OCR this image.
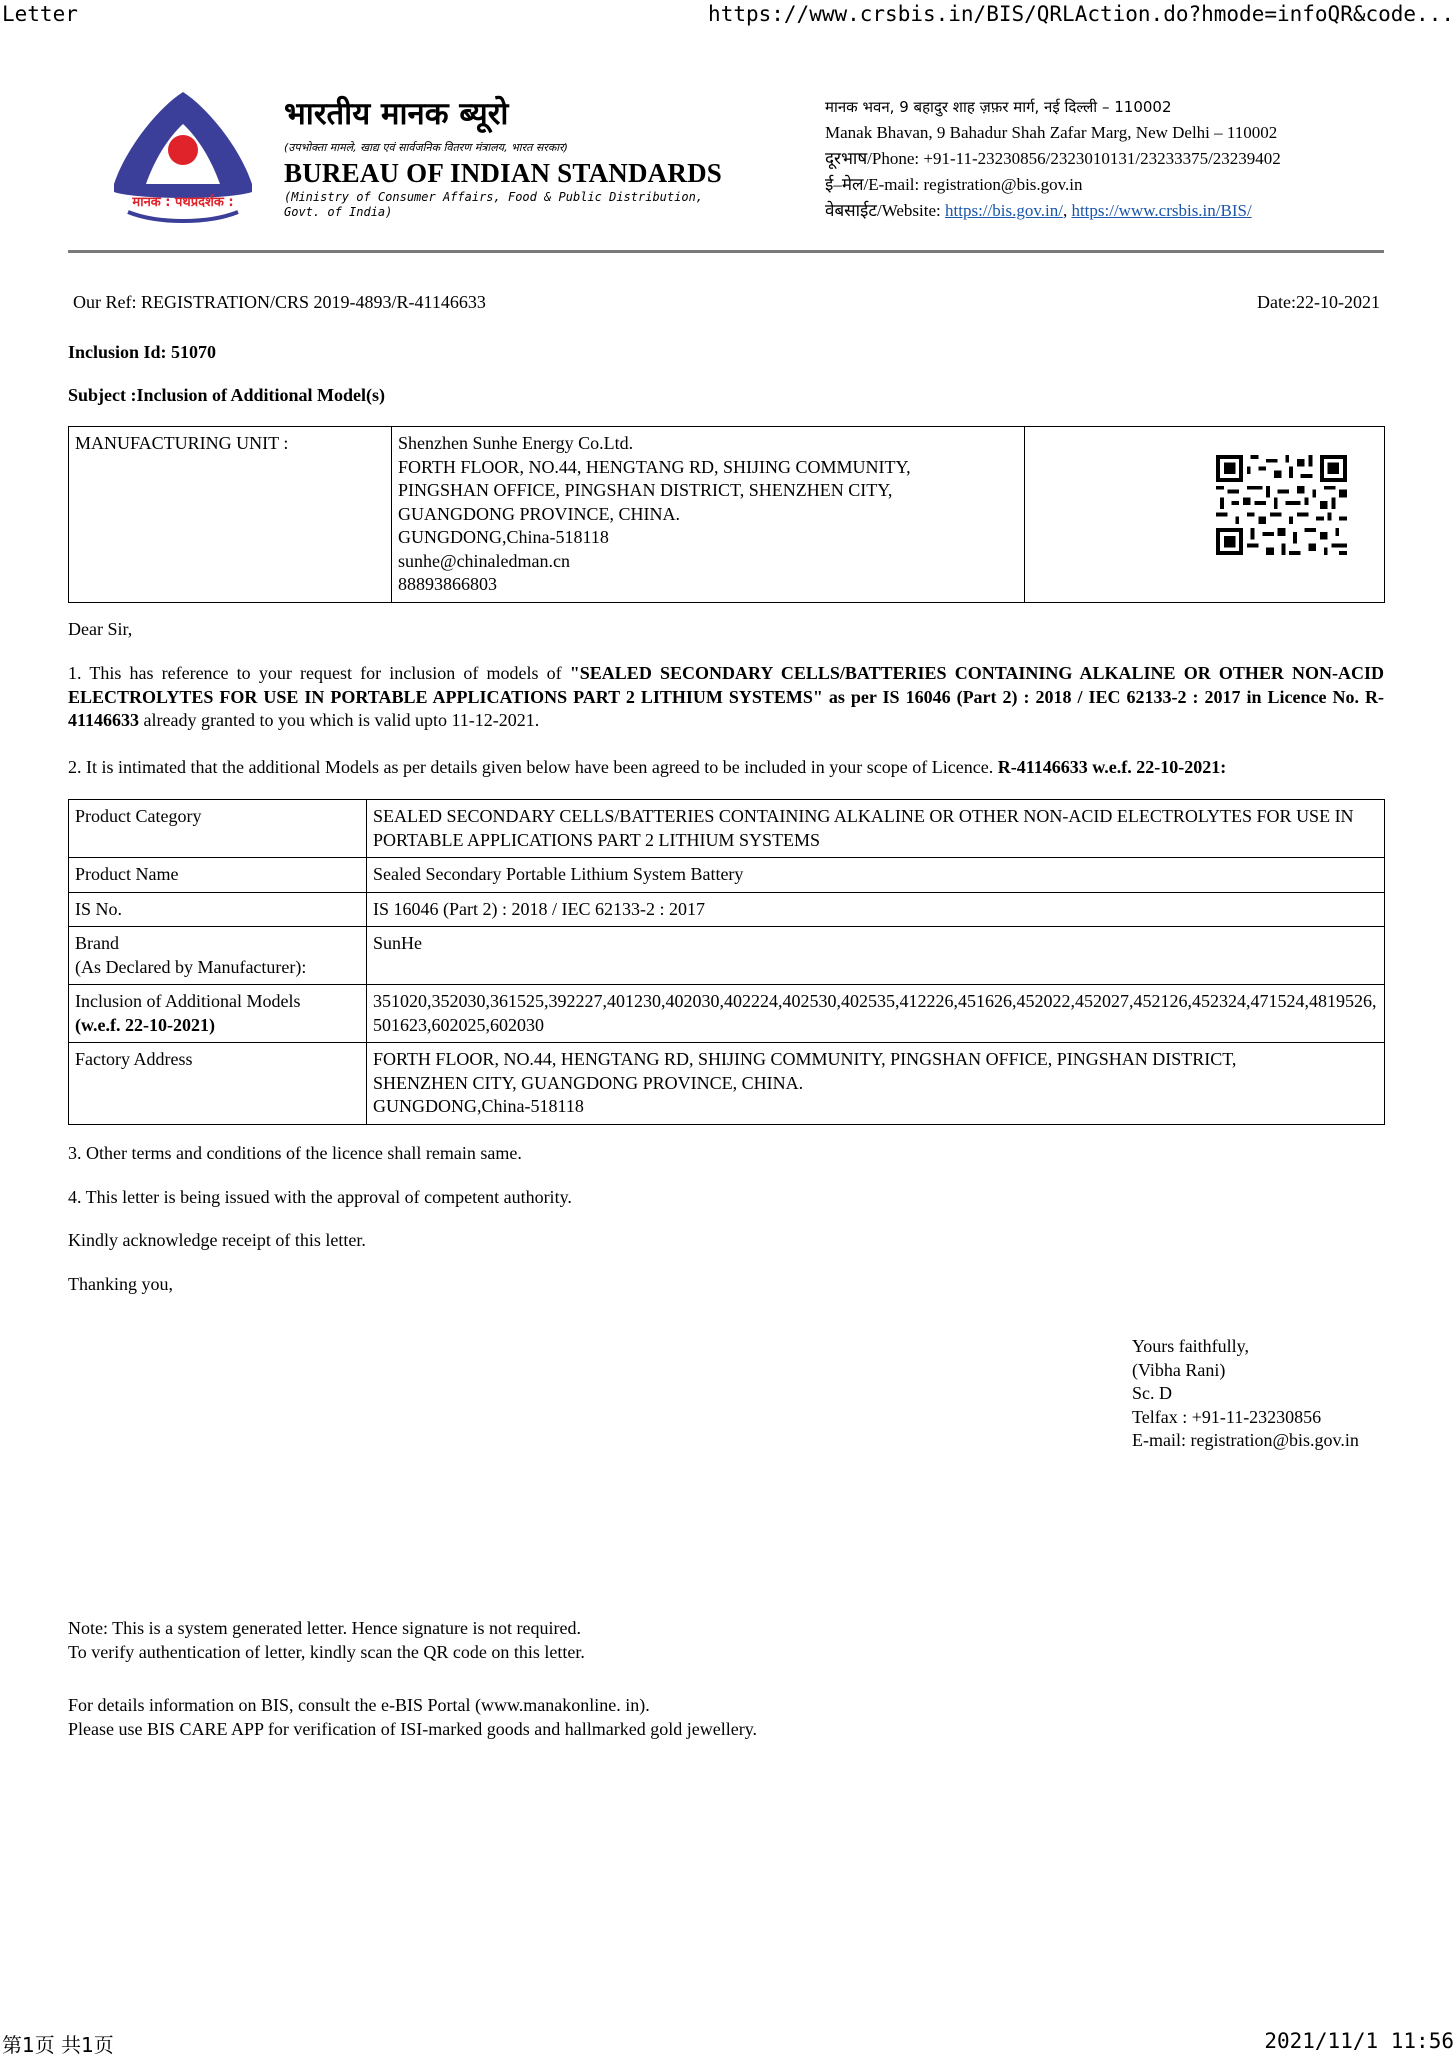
Letter	https://www.crsbis.in/BIS/QRLAction.do?hmode=infoQR&code...
मानक : पथप्रदर्शक :
भारतीय मानक ब्यूरो
(उपभोक्ता मामले, खाद्य एवं सार्वजनिक वितरण मंत्रालय, भारत सरकार)
BUREAU OF INDIAN STANDARDS
(Ministry of Consumer Affairs, Food & Public Distribution,
Govt. of India)
मानक भवन, 9 बहादुर शाह ज़फ़र मार्ग, नई दिल्ली – 110002
Manak Bhavan, 9 Bahadur Shah Zafar Marg, New Delhi – 110002
दूरभाष/Phone: +91-11-23230856/2323010131/23233375/23239402
ई–मेल/E-mail: registration@bis.gov.in
वेबसाईट/Website: https://bis.gov.in/, https://www.crsbis.in/BIS/
Our Ref: REGISTRATION/CRS 2019-4893/R-41146633	Date:22-10-2021
Inclusion Id: 51070
Subject :Inclusion of Additional Model(s)
MANUFACTURING UNIT :	Shenzhen Sunhe Energy Co.Ltd.
FORTH FLOOR, NO.44, HENGTANG RD, SHIJING COMMUNITY,
PINGSHAN OFFICE, PINGSHAN DISTRICT, SHENZHEN CITY,
GUANGDONG PROVINCE, CHINA.
GUNGDONG,China-518118
sunhe@chinaledman.cn
88893866803

Dear Sir,
1. This has reference to your request for inclusion of models of "SEALED SECONDARY CELLS/BATTERIES CONTAINING ALKALINE OR OTHER NON-ACID ELECTROLYTES FOR USE IN PORTABLE APPLICATIONS PART 2 LITHIUM SYSTEMS" as per IS 16046 (Part 2) : 2018 / IEC 62133-2 : 2017 in Licence No. R-41146633 already granted to you which is valid upto 11-12-2021.
2. It is intimated that the additional Models as per details given below have been agreed to be included in your scope of Licence. R-41146633 w.e.f. 22-10-2021:
Product Category	SEALED SECONDARY CELLS/BATTERIES CONTAINING ALKALINE OR OTHER NON-ACID ELECTROLYTES FOR USE IN PORTABLE APPLICATIONS PART 2 LITHIUM SYSTEMS
Product Name	Sealed Secondary Portable Lithium System Battery
IS No.	IS 16046 (Part 2) : 2018 / IEC 62133-2 : 2017

Brand
(As Declared by Manufacturer):	SunHe

Inclusion of Additional Models
(w.e.f. 22-10-2021)	351020,352030,361525,392227,401230,402030,402224,402530,402535,412226,451626,452022,452027,452126,452324,471524,4819526,501623,602025,602030
Factory Address	FORTH FLOOR, NO.44, HENGTANG RD, SHIJING COMMUNITY, PINGSHAN OFFICE, PINGSHAN DISTRICT,
SHENZHEN CITY, GUANGDONG PROVINCE, CHINA.
GUNGDONG,China-518118
3. Other terms and conditions of the licence shall remain same.
4. This letter is being issued with the approval of competent authority.
Kindly acknowledge receipt of this letter.
Thanking you,
Yours faithfully,
(Vibha Rani)
Sc. D
Telfax : +91-11-23230856
E-mail: registration@bis.gov.in
Note: This is a system generated letter. Hence signature is not required.
To verify authentication of letter, kindly scan the QR code on this letter.
For details information on BIS, consult the e-BIS Portal (www.manakonline. in).
Please use BIS CARE APP for verification of ISI-marked goods and hallmarked gold jewellery.
第1页 共1页	2021/11/1 11:56
